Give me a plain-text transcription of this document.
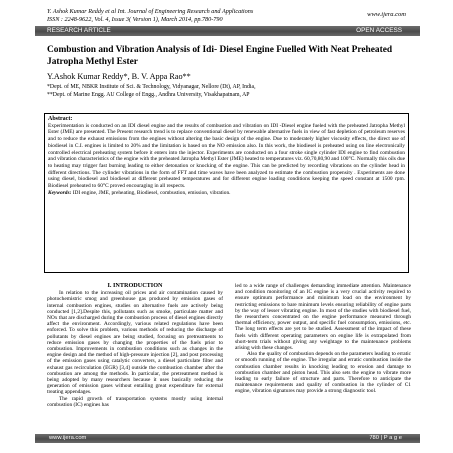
Y. Ashok Kumar Reddy et al Int. Journal of Engineering Research and Applications
ISSN : 2248-9622, Vol. 4, Issue 3( Version 1), March 2014, pp.780-790
www.ijera.com
RESEARCH ARTICLE	OPEN ACCESS
Combustion and Vibration Analysis of Idi- Diesel Engine Fuelled With Neat Preheated Jatropha Methyl Ester
Y.Ashok Kumar Reddy*, B. V. Appa Rao**
*Dept. of ME, NBKR Institute of Sci. & Technology, Vidyanagar, Nellore (Dt), AP, India,
**Dept. of Marine Engg. AU College of Engg., Andhra University, Visakhapatnam, AP
Abstract:
Experimentation is conducted on an IDI diesel engine and the results of combustion and vibration on IDI -Diesel engine fueled with the preheated Jatropha Methyl Ester (JME) are presented. The Present research trend is to replace conventional diesel by renewable alternative fuels in view of fast depletion of petroleum reserves and to reduce the exhaust emissions from the engines without altering the basic design of the engine. Due to moderately higher viscosity effects, the direct use of biodiesel in C.I. engines is limited to 20% and the limitation is based on the NO emission also. In this work, the biodiesel is preheated using on line electronically controlled electrical preheating system before it enters into the injector. Experiments are conducted on a four stroke single cylinder IDI engine to find combustion and vibration characteristics of the engine with the preheated Jatropha Methyl Ester (JME) heated to temperatures viz. 60,70,80,90 and 100°C. Normally this oils due to heating may trigger fast burning leading to either detonation or knocking of the engine. This can be predicted by recording vibrations on the cylinder head in different directions. The cylinder vibrations in the form of FFT and time waves have been analyzed to estimate the combustion propensity . Experiments are done using diesel, biodiesel and biodiesel at different preheated temperatures and for different engine loading conditions keeping the speed constant at 1500 rpm. Biodiesel preheated to 60°C proved encouraging in all respects.
Keywords: IDI engine, JME, preheating, Biodiesel, combustion, emission, vibration.
I. INTRODUCTION

In relation to the increasing oil prices and air contamination caused by photochemistric smog and greenhouse gas produced by emission gases of internal combustion engines, studies on alternative fuels are actively being conducted [1,2].Despite this, pollutants such as smoke, particulate matter and NOx that are discharged during the combustion process of diesel engines directly affect the environment. Accordingly, various related regulations have been enforced. To solve this problem, various methods of reducing the discharge of pollutants by diesel engines are being studied, focusing on pretreatments to reduce emission gases by changing the properties of the fuels prior to combustion. Improvements in combustion conditions such as changes in the engine design and the method of high-pressure injection [2], and post processing of the emission gases using catalytic converters, a diesel particulate filter and exhaust gas recirculation (EGR) [3,4] outside the combustion chamber after the combustion are among the methods. In particular, the pretreatment method is being adopted by many researchers because it uses basically reducing the generation of emission gases without entailing great expenditure for external treating appendages.

The rapid growth of transportation systems mostly using internal combustion (IC) engines has

led to a wide range of challenges demanding immediate attention. Maintenance and condition monitoring of an IC engine is a very crucial activity required to ensure optimum performance and minimum load on the environment by restricting emissions to bare minimum levels ensuring reliability of engine parts by the way of lesser vibrating engine. In most of the studies with biodiesel fuel, the researchers concentrated on the engine performance measured through thermal efficiency, power output, and specific fuel consumption, emissions, etc. The long term effects are yet to be studied. Assessment of the impact of these fuels with different operating parameters on engine life is extrapolated from short-term trials without giving any weightage to the maintenance problems arising with these changes.

Also the quality of combustion depends on the parameters leading to erratic or smooth running of the engine. The irregular and erratic combustion inside the combustion chamber results in knocking leading to erosion and damage to combustion chamber and piston head. This also sets the engine to vibrate more leading to early failure of structure and parts. Therefore to anticipate the maintenance requirements and quality of combustion in the cylinder of C1 engine, vibration signatures may provide a strong diagnostic tool.

www.ijera.com	780 | P a g e
